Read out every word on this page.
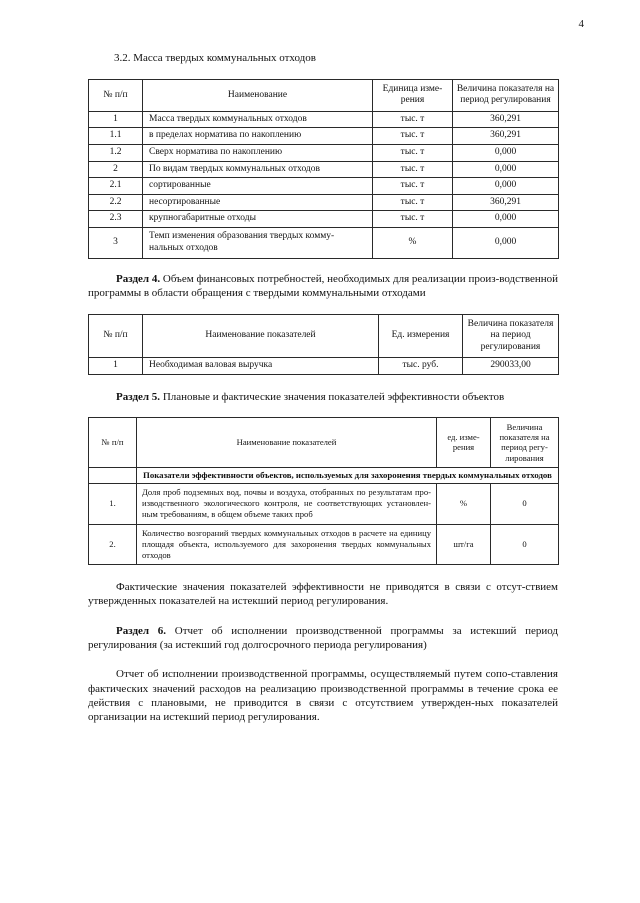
4

3.2. Масса твердых коммунальных отходов

№ п/п	Наименование	Единица изме-рения	Величина показателя на период регулирования
1	Масса твердых коммунальных отходов	тыс. т	360,291
1.1	в пределах норматива по накоплению	тыс. т	360,291
1.2	Сверх норматива по накоплению	тыс. т	0,000
2	По видам твердых коммунальных отходов	тыс. т	0,000
2.1	сортированные	тыс. т	0,000
2.2	несортированные	тыс. т	360,291
2.3	крупногабаритные отходы	тыс. т	0,000
3	Темп изменения образования твердых комму-нальных отходов	%	0,000

Раздел 4. Объем финансовых потребностей, необходимых для реализации произ-водственной программы в области обращения с твердыми коммунальными отходами

№ п/п	Наименование показателей	Ед. измерения	Величина показателя на период регулирования
1	Необходимая валовая выручка	тыс. руб.	290033,00

Раздел 5. Плановые и фактические значения показателей эффективности объектов

№ п/п	Наименование показателей	ед. изме-рения	Величина показателя на период регу-лирования
	Показатели эффективности объектов, используемых для захоронения твердых коммунальных отходов		
1.	Доля проб подземных вод, почвы и воздуха, отобранных по результатам про-изводственного экологического контроля, не соответствующих установлен-ным требованиям, в общем объеме таких проб	%	0
2.	Количество возгораний твердых коммунальных отходов в расчете на единицу площадя объекта, используемого для захоронения твердых коммунальных отходов	шт/га	0

Фактические значения показателей эффективности не приводятся в связи с отсут-ствием утвержденных показателей на истекший период регулирования.

Раздел 6. Отчет об исполнении производственной программы за истекший период регулирования (за истекший год долгосрочного периода регулирования)

Отчет об исполнении производственной программы, осуществляемый путем сопо-ставления фактических значений расходов на реализацию производственной программы в течение срока ее действия с плановыми, не приводится в связи с отсутствием утвержден-ных показателей организации на истекший период регулирования.
